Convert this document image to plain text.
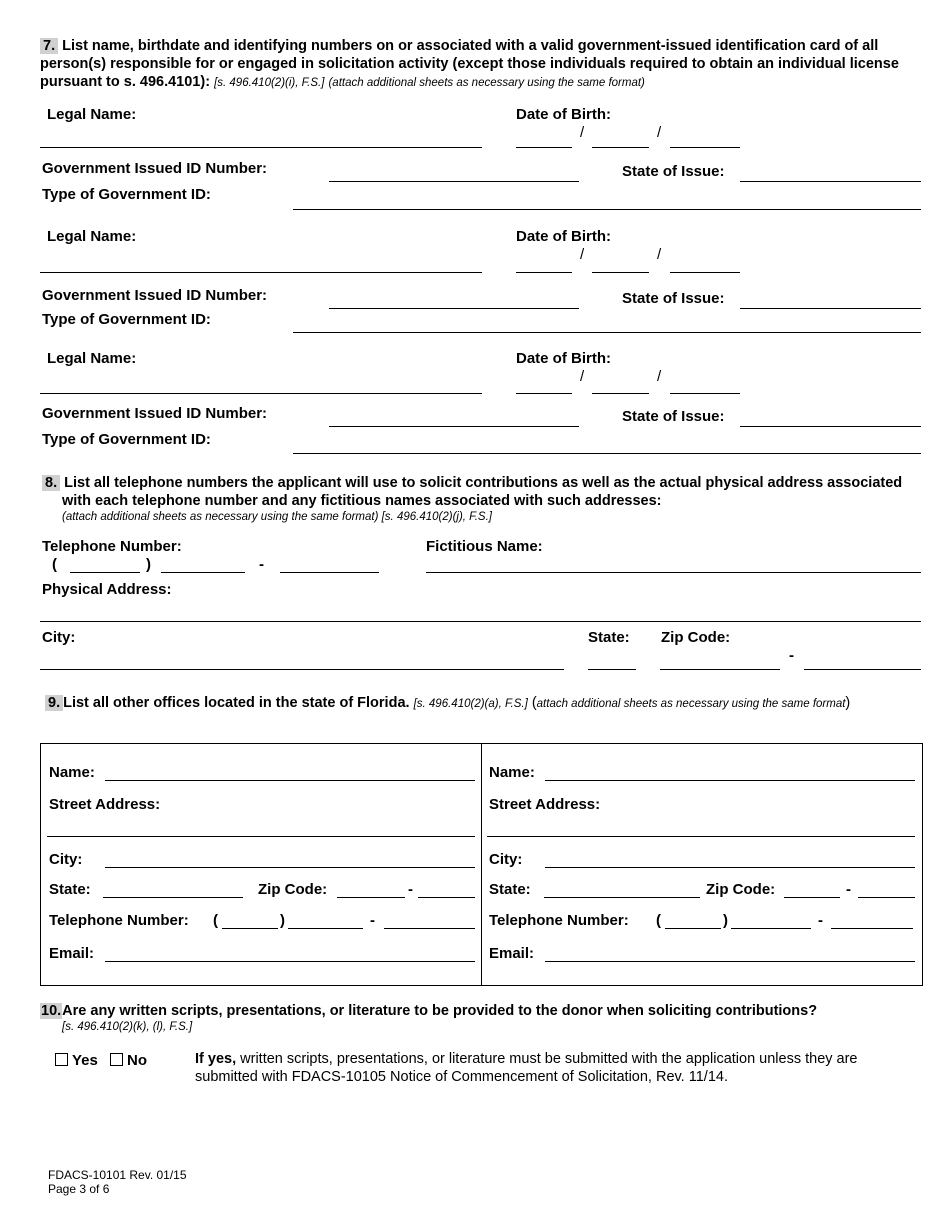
7. List name, birthdate and identifying numbers on or associated with a valid government-issued identification card of all person(s) responsible for or engaged in solicitation activity (except those individuals required to obtain an individual license pursuant to s. 496.4101): [s. 496.410(2)(i), F.S.] (attach additional sheets as necessary using the same format)
Legal Name:	Date of Birth:
/	/
Government Issued ID Number:	State of Issue:
Type of Government ID:
Legal Name:	Date of Birth:
/	/
Government Issued ID Number:	State of Issue:
Type of Government ID:
Legal Name:	Date of Birth:
/	/
Government Issued ID Number:	State of Issue:
Type of Government ID:
8. List all telephone numbers the applicant will use to solicit contributions as well as the actual physical address associated with each telephone number and any fictitious names associated with such addresses:
(attach additional sheets as necessary using the same format) [s. 496.410(2)(j), F.S.]
Telephone Number:
(	)	-
Fictitious Name:
Physical Address:
City:	State: Zip Code:
-
9. List all other offices located in the state of Florida. [s. 496.410(2)(a), F.S.] (attach additional sheets as necessary using the same format)
Name:
Street Address:
City:
State:	Zip Code:	-
Telephone Number: (	)	-
Email:
Name:
Street Address:
City:
State:	Zip Code:	-
Telephone Number: (	)	-
Email:
10.Are any written scripts, presentations, or literature to be provided to the donor when soliciting contributions?
[s. 496.410(2)(k), (l), F.S.]
Yes No	If yes, written scripts, presentations, or literature must be submitted with the application unless they are submitted with FDACS-10105 Notice of Commencement of Solicitation, Rev. 11/14.
FDACS-10101 Rev. 01/15
Page 3 of 6
